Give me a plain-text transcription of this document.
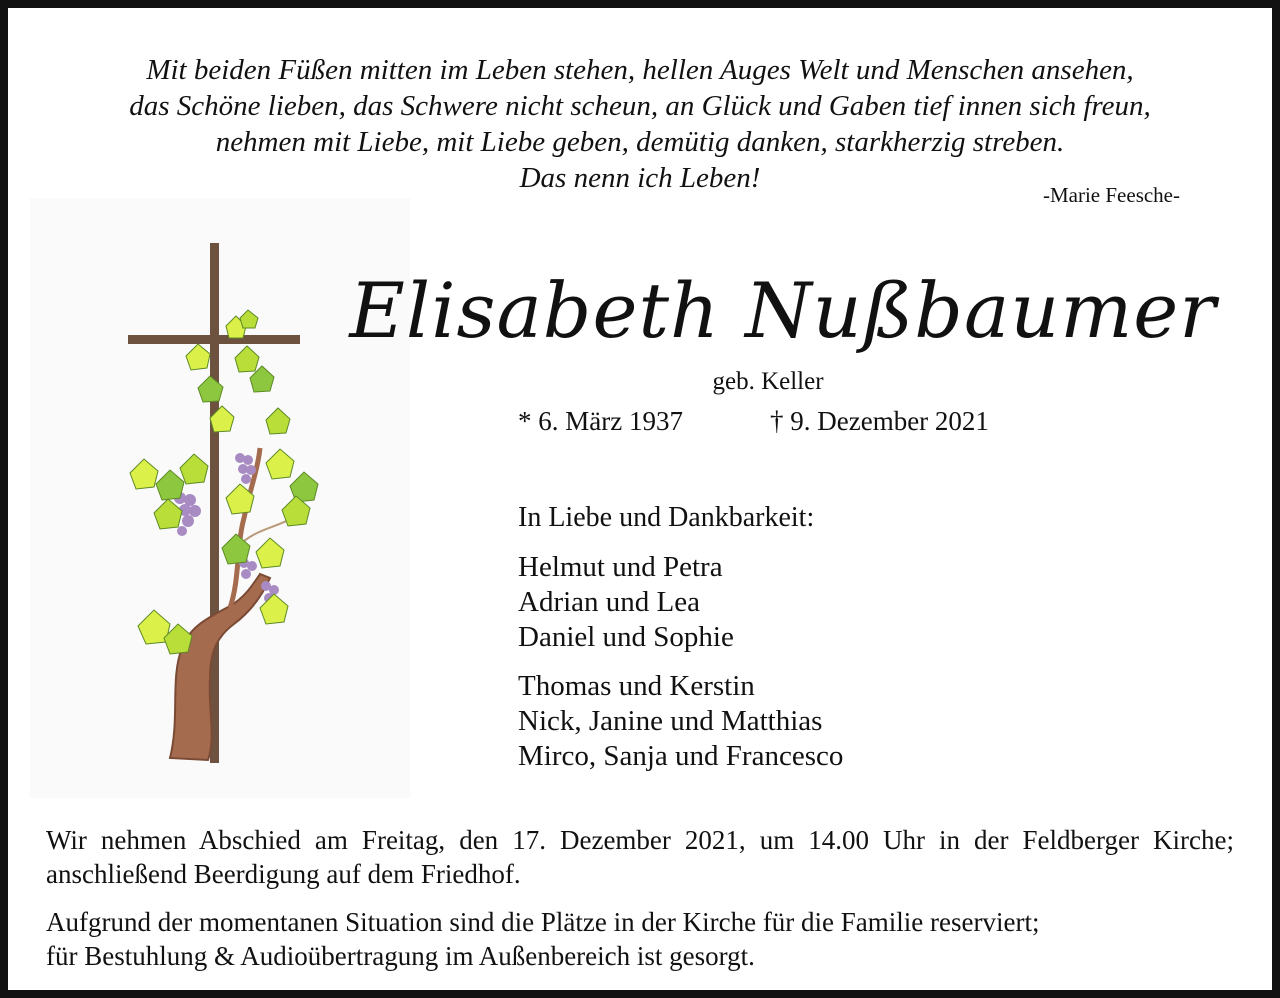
Mit beiden Füßen mitten im Leben stehen, hellen Auges Welt und Menschen ansehen,
das Schöne lieben, das Schwere nicht scheun, an Glück und Gaben tief innen sich freun,
nehmen mit Liebe, mit Liebe geben, demütig danken, starkherzig streben.
Das nenn ich Leben!
-Marie Feesche-
Elisabeth Nußbaumer
geb. Keller
* 6. März 1937	† 9. Dezember 2021
In Liebe und Dankbarkeit:
Helmut und Petra
Adrian und Lea
Daniel und Sophie
Thomas und Kerstin
Nick, Janine und Matthias
Mirco, Sanja und Francesco
Wir nehmen Abschied am Freitag, den 17. Dezember 2021, um 14.00 Uhr in der Feldberger Kirche;
anschließend Beerdigung auf dem Friedhof.
Aufgrund der momentanen Situation sind die Plätze in der Kirche für die Familie reserviert;
für Bestuhlung & Audioübertragung im Außenbereich ist gesorgt.
